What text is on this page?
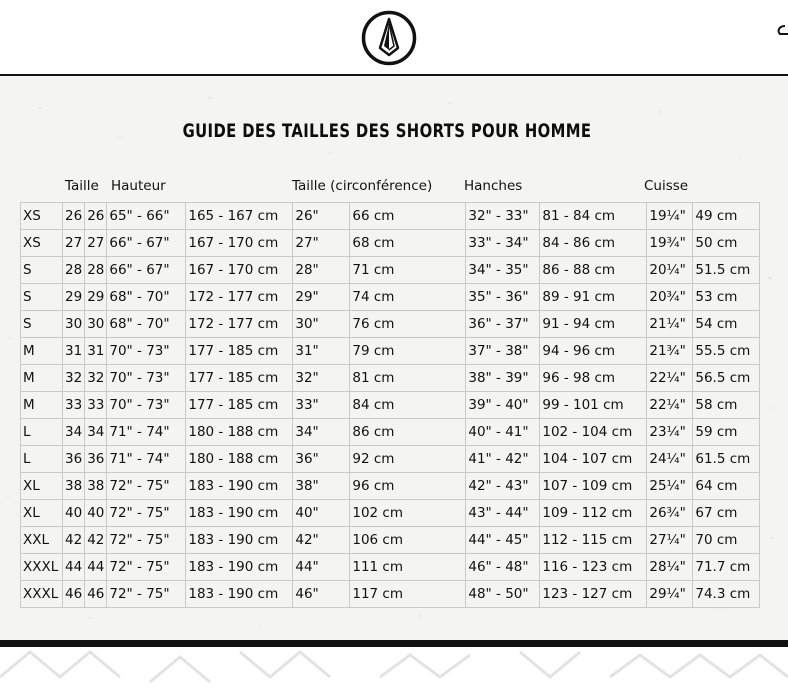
GUIDE DES TAILLES DES SHORTS POUR HOMME
Taille Hauteur	Taille (circonférence) Hanches	Cuisse
XS	26	26	65" - 66"	165 - 167 cm	26"	66 cm	32" - 33"	81 - 84 cm	19¼"	49 cm
XS	27	27	66" - 67"	167 - 170 cm	27"	68 cm	33" - 34"	84 - 86 cm	19¾"	50 cm
S	28	28	66" - 67"	167 - 170 cm	28"	71 cm	34" - 35"	86 - 88 cm	20¼"	51.5 cm
S	29	29	68" - 70"	172 - 177 cm	29"	74 cm	35" - 36"	89 - 91 cm	20¾"	53 cm
S	30	30	68" - 70"	172 - 177 cm	30"	76 cm	36" - 37"	91 - 94 cm	21¼"	54 cm
M	31	31	70" - 73"	177 - 185 cm	31"	79 cm	37" - 38"	94 - 96 cm	21¾"	55.5 cm
M	32	32	70" - 73"	177 - 185 cm	32"	81 cm	38" - 39"	96 - 98 cm	22¼"	56.5 cm
M	33	33	70" - 73"	177 - 185 cm	33"	84 cm	39" - 40"	99 - 101 cm	22¼"	58 cm
L	34	34	71" - 74"	180 - 188 cm	34"	86 cm	40" - 41"	102 - 104 cm	23¼"	59 cm
L	36	36	71" - 74"	180 - 188 cm	36"	92 cm	41" - 42"	104 - 107 cm	24¼"	61.5 cm
XL	38	38	72" - 75"	183 - 190 cm	38"	96 cm	42" - 43"	107 - 109 cm	25¼"	64 cm
XL	40	40	72" - 75"	183 - 190 cm	40"	102 cm	43" - 44"	109 - 112 cm	26¾"	67 cm
XXL	42	42	72" - 75"	183 - 190 cm	42"	106 cm	44" - 45"	112 - 115 cm	27¼"	70 cm
XXXL	44	44	72" - 75"	183 - 190 cm	44"	111 cm	46" - 48"	116 - 123 cm	28¼"	71.7 cm
XXXL	46	46	72" - 75"	183 - 190 cm	46"	117 cm	48" - 50"	123 - 127 cm	29¼"	74.3 cm
